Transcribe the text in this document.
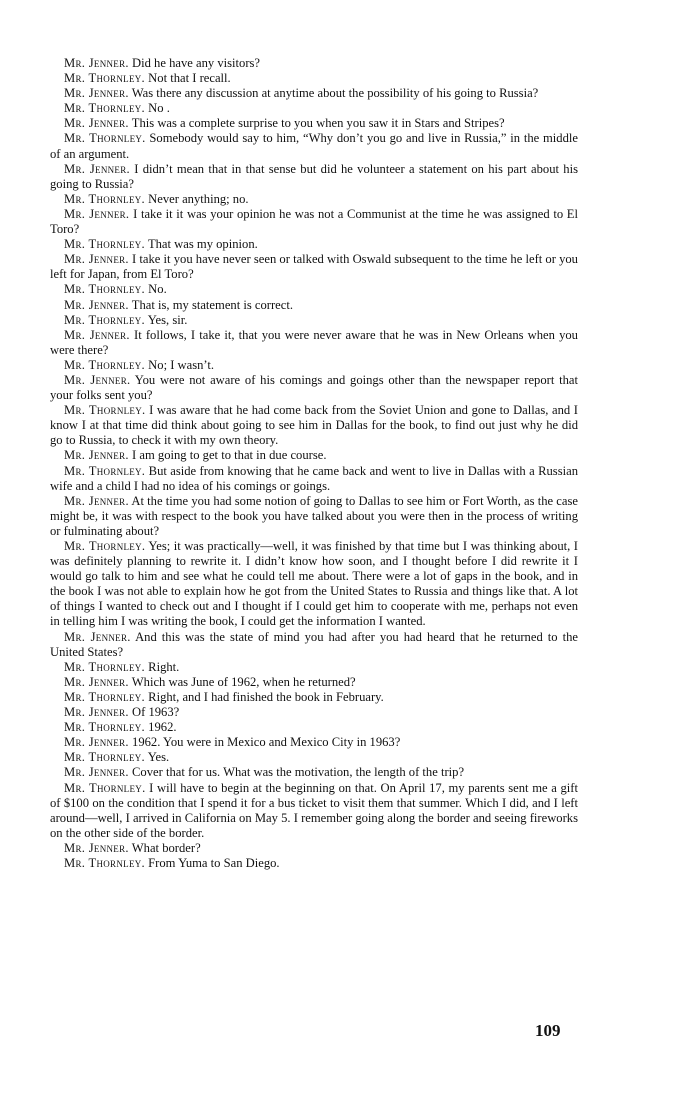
Mr. Jenner. Did he have any visitors?

Mr. Thornley. Not that I recall.

Mr. Jenner. Was there any discussion at anytime about the possibility of his going to Russia?

Mr. Thornley. No .

Mr. Jenner. This was a complete surprise to you when you saw it in Stars and Stripes?

Mr. Thornley. Somebody would say to him, “Why don’t you go and live in Russia,” in the middle of an argument.

Mr. Jenner. I didn’t mean that in that sense but did he volunteer a statement on his part about his going to Russia?

Mr. Thornley. Never anything; no.

Mr. Jenner. I take it it was your opinion he was not a Communist at the time he was assigned to El Toro?

Mr. Thornley. That was my opinion.

Mr. Jenner. I take it you have never seen or talked with Oswald subsequent to the time he left or you left for Japan, from El Toro?

Mr. Thornley. No.

Mr. Jenner. That is, my statement is correct.

Mr. Thornley. Yes, sir.

Mr. Jenner. It follows, I take it, that you were never aware that he was in New Orleans when you were there?

Mr. Thornley. No; I wasn’t.

Mr. Jenner. You were not aware of his comings and goings other than the newspaper report that your folks sent you?

Mr. Thornley. I was aware that he had come back from the Soviet Union and gone to Dallas, and I know I at that time did think about going to see him in Dallas for the book, to find out just why he did go to Russia, to check it with my own theory.

Mr. Jenner. I am going to get to that in due course.

Mr. Thornley. But aside from knowing that he came back and went to live in Dallas with a Russian wife and a child I had no idea of his comings or goings.

Mr. Jenner. At the time you had some notion of going to Dallas to see him or Fort Worth, as the case might be, it was with respect to the book you have talked about you were then in the process of writing or fulminating about?

Mr. Thornley. Yes; it was practically—well, it was finished by that time but I was thinking about, I was definitely planning to rewrite it. I didn’t know how soon, and I thought before I did rewrite it I would go talk to him and see what he could tell me about. There were a lot of gaps in the book, and in the book I was not able to explain how he got from the United States to Russia and things like that. A lot of things I wanted to check out and I thought if I could get him to cooperate with me, perhaps not even in telling him I was writing the book, I could get the information I wanted.

Mr. Jenner. And this was the state of mind you had after you had heard that he returned to the United States?

Mr. Thornley. Right.

Mr. Jenner. Which was June of 1962, when he returned?

Mr. Thornley. Right, and I had finished the book in February.

Mr. Jenner. Of 1963?

Mr. Thornley. 1962.

Mr. Jenner. 1962. You were in Mexico and Mexico City in 1963?

Mr. Thornley. Yes.

Mr. Jenner. Cover that for us. What was the motivation, the length of the trip?

Mr. Thornley. I will have to begin at the beginning on that. On April 17, my parents sent me a gift of $100 on the condition that I spend it for a bus ticket to visit them that summer. Which I did, and I left around—well, I arrived in California on May 5. I remember going along the border and seeing fireworks on the other side of the border.

Mr. Jenner. What border?

Mr. Thornley. From Yuma to San Diego.

109
